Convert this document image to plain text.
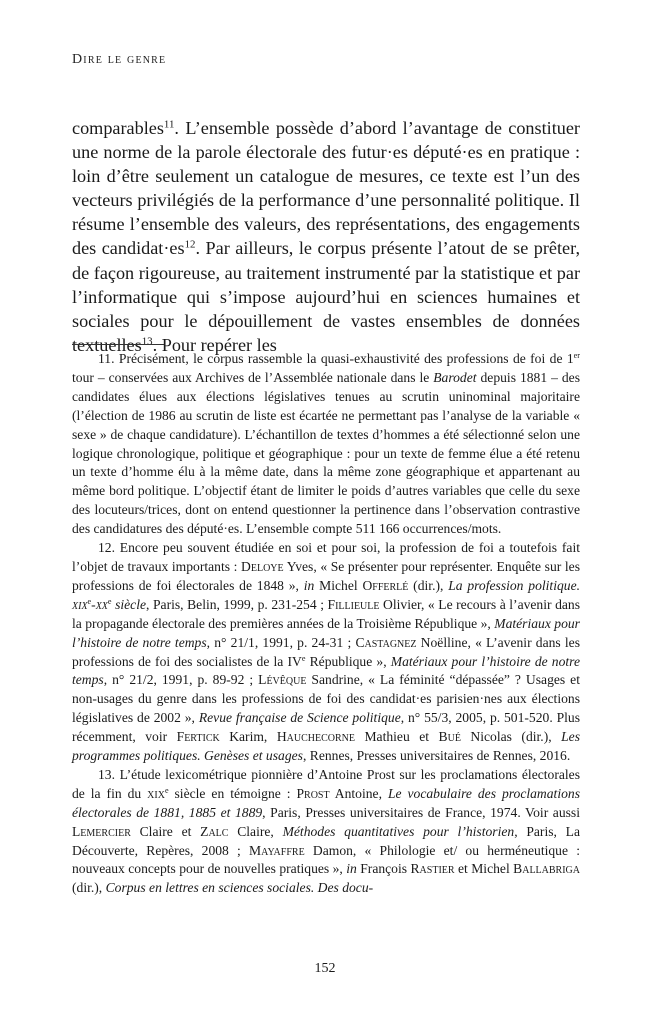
Dire le genre

comparables$^{11}$. L’ensemble possède d’abord l’avantage de constituer une norme de la parole électorale des futur·es député·es en pratique : loin d’être seulement un catalogue de mesures, ce texte est l’un des vecteurs privilégiés de la performance d’une personnalité politique. Il résume l’ensemble des valeurs, des représentations, des engagements des $candidat\cdot es^{12}$. Par ailleurs, le corpus présente l’atout de se prêter, de façon rigoureuse, au traitement instrumenté par la statistique et par l’informatique qui s’impose aujourd’hui en sciences humaines et sociales pour le dépouillement de vastes ensembles de données textuelles$^{13}$. Pour repérer les

11. Précisément, le corpus rassemble la quasi-exhaustivité des professions de foi de 1er tour – conservées aux Archives de l’Assemblée nationale dans le Barodet depuis 1881 – des candidates élues aux élections législatives tenues au scrutin uninominal majoritaire (l’élection de 1986 au scrutin de liste est écartée ne permettant pas l’analyse de la variable « sexe » de chaque candidature). L’échantillon de textes d’hommes a été sélectionné selon une logique chronologique, politique et géographique : pour un texte de femme élue a été retenu un texte d’homme élu à la même date, dans la même zone géographique et appartenant au même bord politique. L’objectif étant de limiter le poids d’autres variables que celle du sexe des locuteurs/trices, dont on entend questionner la pertinence dans l’observation contrastive des candidatures des député·es. L’ensemble compte 511 166 occurrences/mots.

12. Encore peu souvent étudiée en soi et pour soi, la profession de foi a toutefois fait l’objet de travaux importants : Deloye Yves, « Se présenter pour représenter. Enquête sur les professions de foi électorales de 1848 », in Michel Offerlé (dir.), La profession politique. $xix^e-xx^e$ siècle, Paris, Belin, 1999, p. 231-254 ; Fillieule Olivier, « Le recours à l’avenir dans la propagande électorale des premières années de la Troisième République », Matériaux pour l’histoire de notre temps, n° 21/1, 1991, p. 24-31 ; Castagnez Noëlline, « L’avenir dans les professions de foi des socialistes de la IVe République », Matériaux pour l’histoire de notre temps, n° 21/2, 1991, p. 89-92 ; Lévêque Sandrine, « La féminité “dépassée” ? Usages et non-usages du genre dans les professions de foi des candidat·es parisien·nes aux élections législatives de 2002 », Revue française de Science politique, n° 55/3, 2005, p. 501-520. Plus récemment, voir Fertick Karim, Hauchecorne Mathieu et Bué Nicolas (dir.), Les programmes politiques. Genèses et usages, Rennes, Presses universitaires de Rennes, 2016.

13. L’étude lexicométrique pionnière d’Antoine Prost sur les proclamations électorales de la fin du xix$^e$ siècle en témoigne : Prost Antoine, Le vocabulaire des proclamations électorales de 1881, 1885 et 1889, Paris, Presses universitaires de France, 1974. Voir aussi Lemercier Claire et Zalc Claire, Méthodes quantitatives pour l’historien, Paris, La Découverte, Repères, 2008 ; Mayaffre Damon, « Philologie et/ ou herméneutique : nouveaux concepts pour de nouvelles pratiques », in François Rastier et Michel Ballabriga (dir.), Corpus en lettres en sciences sociales. Des docu-

152
